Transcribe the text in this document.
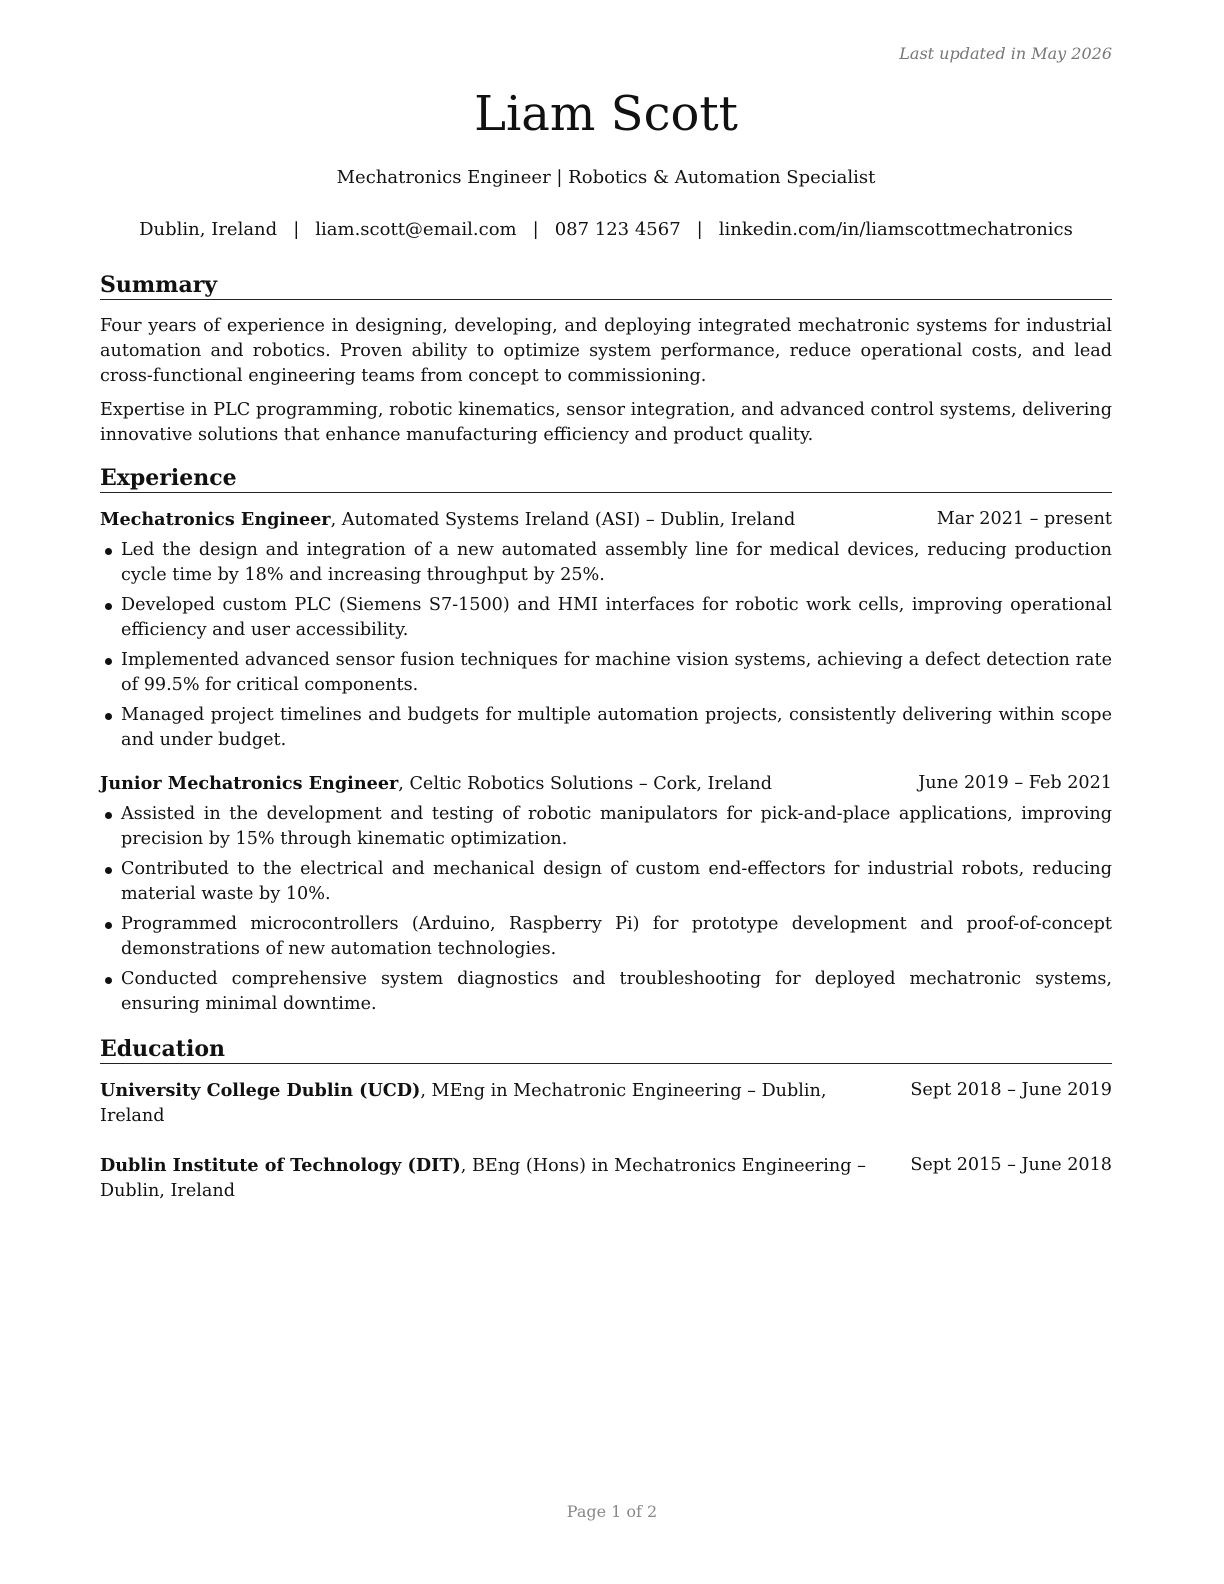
Last updated in May 2026
Liam Scott
Mechatronics Engineer | Robotics & Automation Specialist
Dublin, Ireland | liam.scott@email.com | 087 123 4567 | linkedin.com/in/liamscottmechatronics
Summary

Four years of experience in designing, developing, and deploying integrated mechatronic systems for industrial automation and robotics. Proven ability to optimize system performance, reduce operational costs, and lead cross-functional engineering teams from concept to commissioning.

Expertise in PLC programming, robotic kinematics, sensor integration, and advanced control systems, delivering innovative solutions that enhance manufacturing efficiency and product quality.

Experience
Mechatronics Engineer, Automated Systems Ireland (ASI) – Dublin, Ireland	Mar 2021 – present
Led the design and integration of a new automated assembly line for medical devices, reducing production cycle time by 18% and increasing throughput by 25%.
Developed custom PLC (Siemens S7-1500) and HMI interfaces for robotic work cells, improving operational efficiency and user accessibility.
Implemented advanced sensor fusion techniques for machine vision systems, achieving a defect detection rate of 99.5% for critical components.
Managed project timelines and budgets for multiple automation projects, consistently delivering within scope and under budget.
Junior Mechatronics Engineer, Celtic Robotics Solutions – Cork, Ireland	June 2019 – Feb 2021
Assisted in the development and testing of robotic manipulators for pick-and-place applications, improving precision by 15% through kinematic optimization.
Contributed to the electrical and mechanical design of custom end-effectors for industrial robots, reducing material waste by 10%.
Programmed microcontrollers (Arduino, Raspberry Pi) for prototype development and proof-of-concept demonstrations of new automation technologies.
Conducted comprehensive system diagnostics and troubleshooting for deployed mechatronic systems, ensuring minimal downtime.
Education
University College Dublin (UCD), MEng in Mechatronic Engineering – Dublin, Ireland
Sept 2018 – June 2019
Dublin Institute of Technology (DIT), BEng (Hons) in Mechatronics Engineering – Dublin, Ireland
Sept 2015 – June 2018
Page 1 of 2
